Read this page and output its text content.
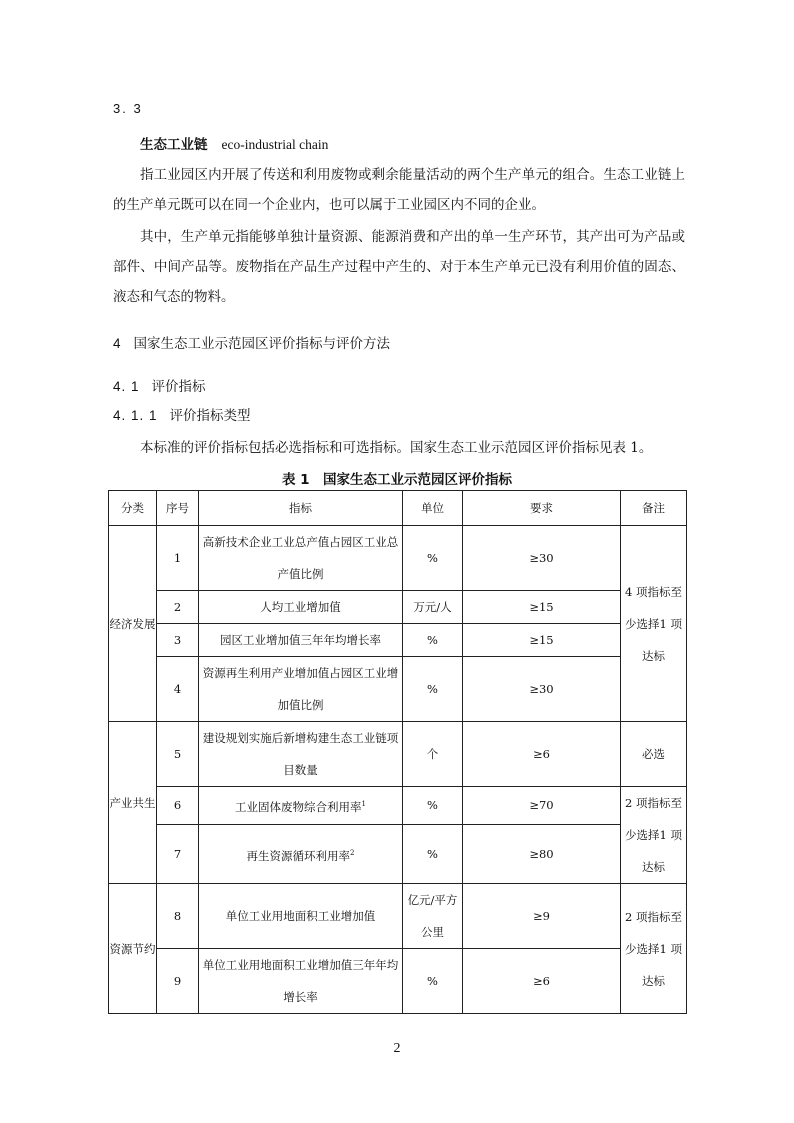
3. 3
生态工业链 eco-industrial chain
指工业园区内开展了传送和利用废物或剩余能量活动的两个生产单元的组合。生态工业链上的生产单元既可以在同一个企业内，也可以属于工业园区内不同的企业。
其中，生产单元指能够单独计量资源、能源消费和产出的单一生产环节，其产出可为产品或部件、中间产品等。废物指在产品生产过程中产生的、对于本生产单元已没有利用价值的固态、液态和气态的物料。
4 国家生态工业示范园区评价指标与评价方法
4. 1 评价指标
4. 1. 1 评价指标类型
本标准的评价指标包括必选指标和可选指标。国家生态工业示范园区评价指标见表 1。
表 1　国家生态工业示范园区评价指标
分类	序号	指标	单位	要求	备注
经济发展	1	高新技术企业工业总产值占园区工业总产值比例	%	≥30	4 项指标至少选择1 项达标
	2	人均工业增加值	万元/人	≥15	
	3	园区工业增加值三年年均增长率	%	≥15	
	4	资源再生利用产业增加值占园区工业增加值比例	%	≥30	
产业共生	5	建设规划实施后新增构建生态工业链项目数量	个	≥6	必选
	6	工业固体废物综合利用率$^1$	%	≥70	2 项指标至少选择1 项达标
	7	再生资源循环利用率$^2$	%	≥80	
资源节约	8	单位工业用地面积工业增加值	亿元/平方公里	≥9	2 项指标至少选择1 项达标
	9	单位工业用地面积工业增加值三年年均增长率	%	≥6	
2
